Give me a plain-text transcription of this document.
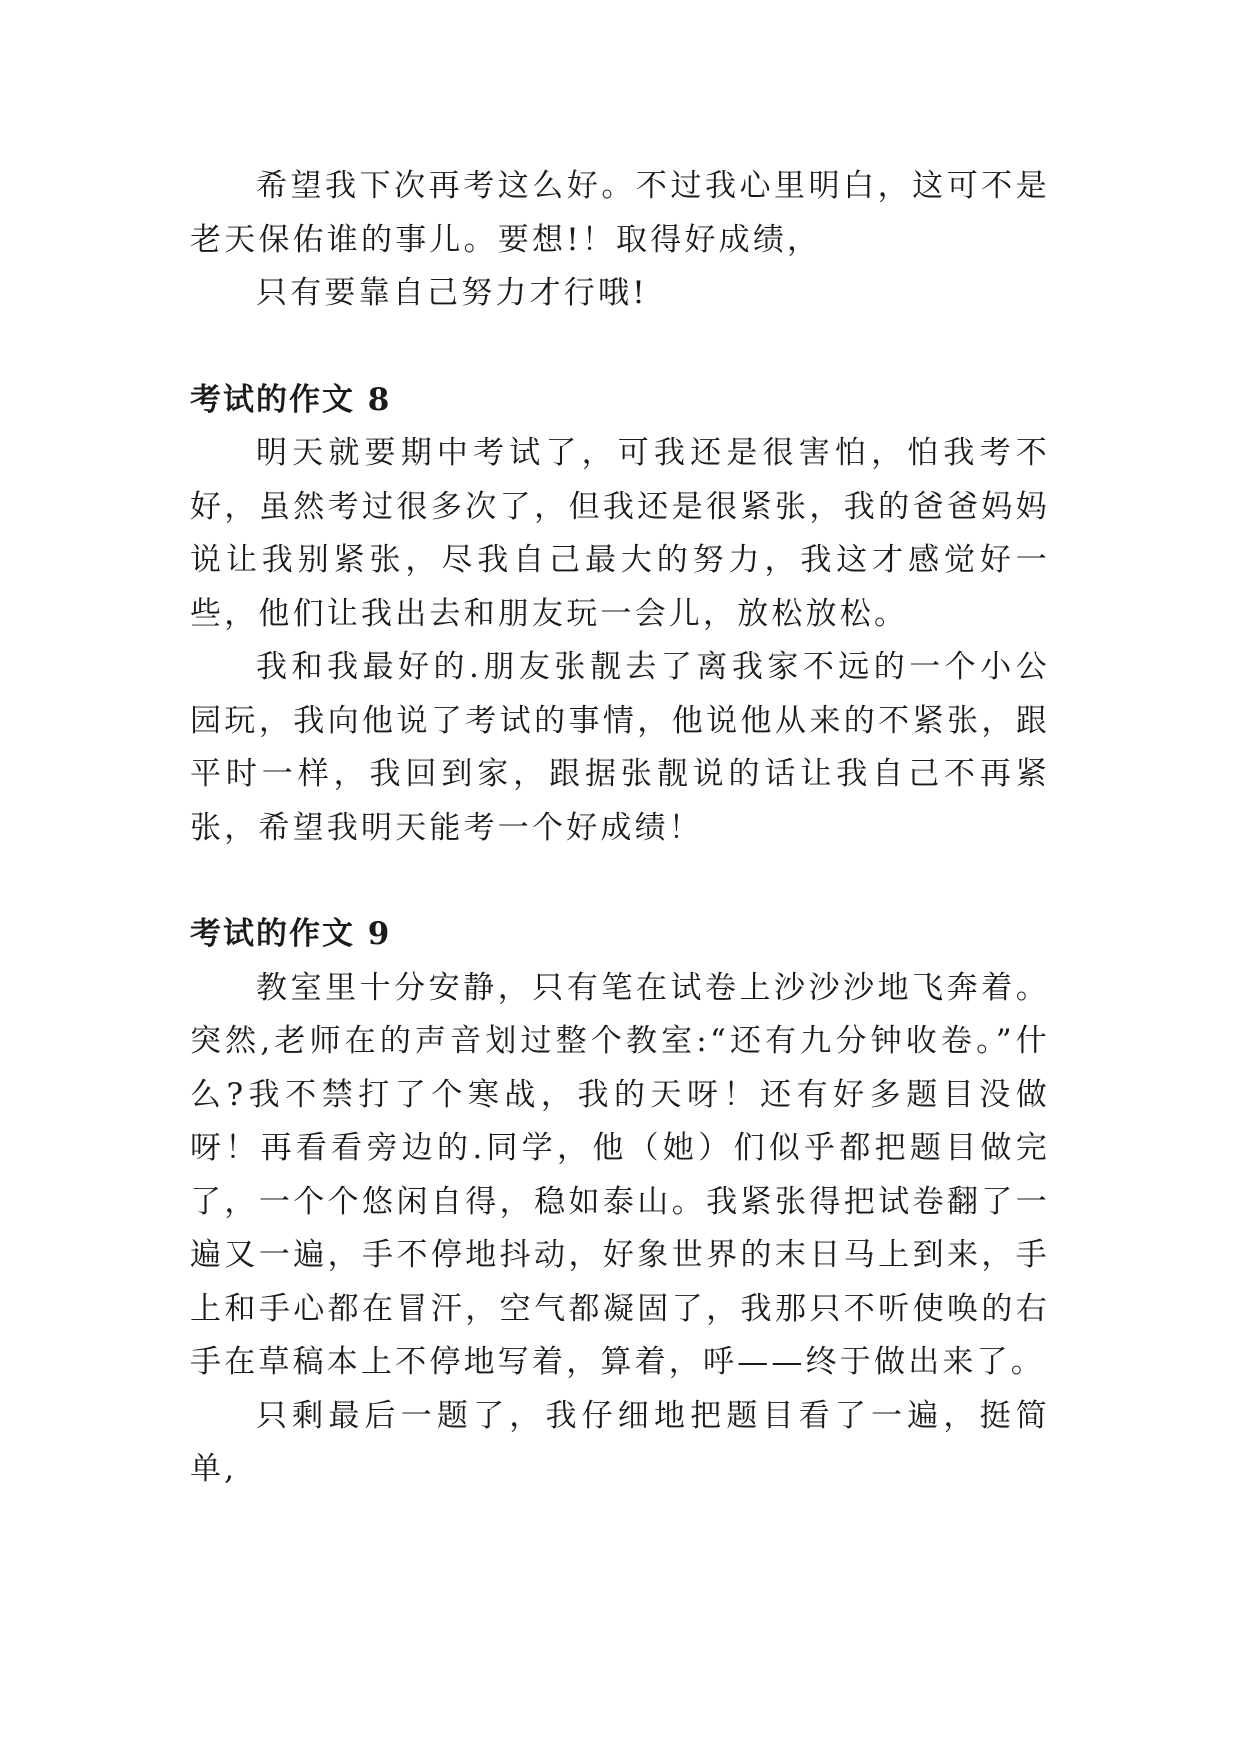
希望我下次再考这么好。不过我心里明白，这可不是老天保佑谁的事儿。要想!！取得好成绩，

只有要靠自己努力才行哦!

考试的作文 8

明天就要期中考试了，可我还是很害怕，怕我考不好，虽然考过很多次了，但我还是很紧张，我的爸爸妈妈说让我别紧张，尽我自己最大的努力，我这才感觉好一些，他们让我出去和朋友玩一会儿，放松放松。

我和我最好的.朋友张靓去了离我家不远的一个小公园玩，我向他说了考试的事情，他说他从来的不紧张，跟平时一样，我回到家，跟据张靓说的话让我自己不再紧张，希望我明天能考一个好成绩！

考试的作文 9

教室里十分安静，只有笔在试卷上沙沙沙地飞奔着。突然,老师在的声音划过整个教室:“还有九分钟收卷。”什么?我不禁打了个寒战，我的天呀！还有好多题目没做呀！再看看旁边的.同学，他（她）们似乎都把题目做完了，一个个悠闲自得，稳如泰山。我紧张得把试卷翻了一遍又一遍，手不停地抖动，好象世界的末日马上到来，手上和手心都在冒汗，空气都凝固了，我那只不听使唤的右手在草稿本上不停地写着，算着，呼——终于做出来了。

只剩最后一题了，我仔细地把题目看了一遍，挺简单,
